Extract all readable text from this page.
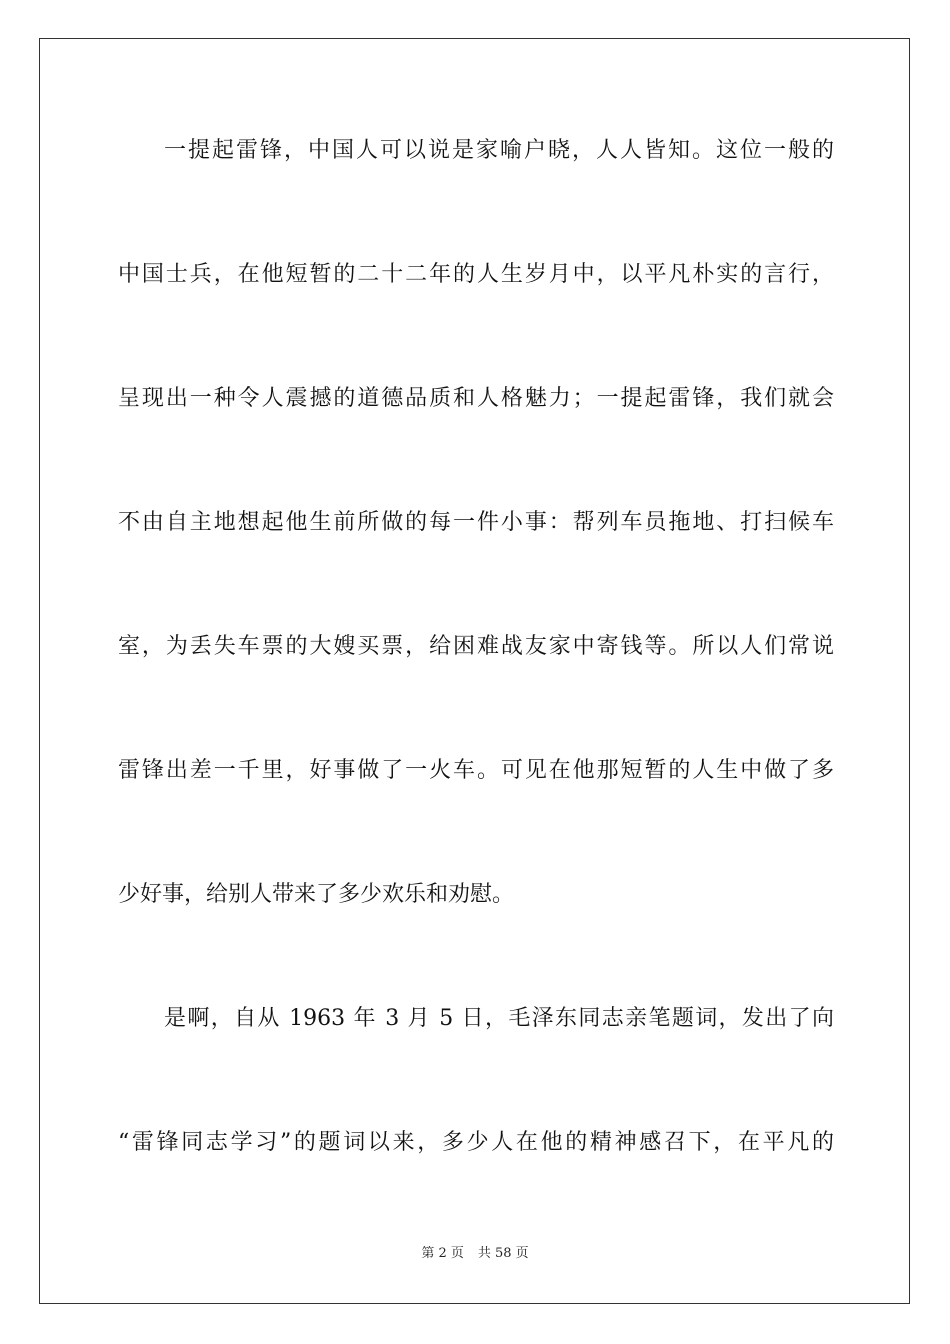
一提起雷锋，中国人可以说是家喻户晓，人人皆知。这位一般的
中国士兵，在他短暂的二十二年的人生岁月中，以平凡朴实的言行，
呈现出一种令人震撼的道德品质和人格魅力；一提起雷锋，我们就会
不由自主地想起他生前所做的每一件小事：帮列车员拖地、打扫候车
室，为丢失车票的大嫂买票，给困难战友家中寄钱等。所以人们常说
雷锋出差一千里，好事做了一火车。可见在他那短暂的人生中做了多
少好事，给别人带来了多少欢乐和劝慰。
是啊，自从 1963 年 3 月 5 日，毛泽东同志亲笔题词，发出了向
“雷锋同志学习”的题词以来，多少人在他的精神感召下，在平凡的
第 2 页 共 58 页
